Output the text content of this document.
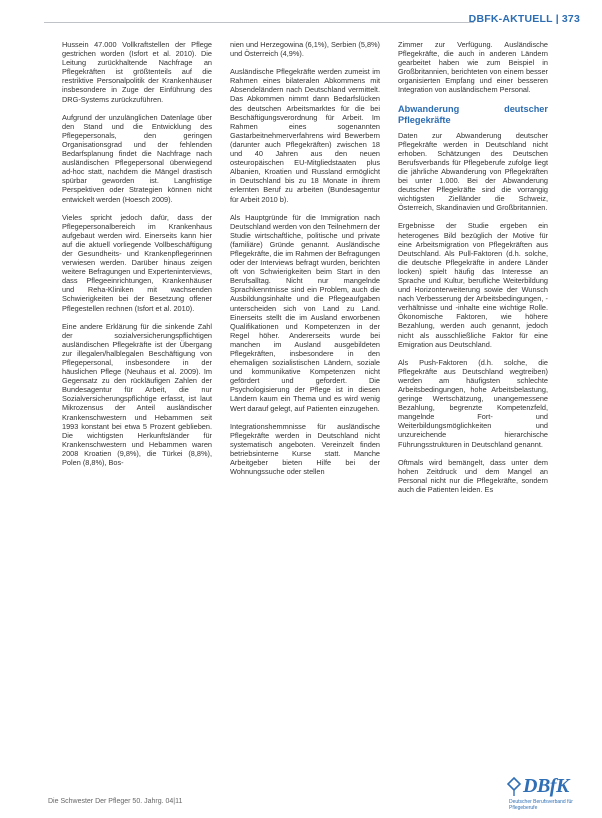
DBFK-AKTUELL | 373

Hussein 47.000 Vollkraftstellen der Pflege gestrichen worden (Isfort et al. 2010). Die Leitung zurückhaltende Nachfrage an Pflegekräften ist größtenteils auf die restriktive Personalpolitik der Krankenhäuser insbesondere in Zuge der Einführung des DRG-Systems zurückzuführen.

Aufgrund der unzulänglichen Datenlage über den Stand und die Entwicklung des Pflegepersonals, den geringen Organisationsgrad und der fehlenden Bedarfsplanung findet die Nachfrage nach ausländischen Pflegepersonal überwiegend ad-hoc statt, nachdem die Mängel drastisch spürbar geworden ist. Langfristige Perspektiven oder Strategien können nicht entwickelt werden (Hoesch 2009).

Vieles spricht jedoch dafür, dass der Pflegepersonalbereich im Krankenhaus aufgebaut werden wird. Einerseits kann hier auf die aktuell vorliegende Vollbeschäftigung der Gesundheits- und Krankenpflegerinnen verwiesen werden. Darüber hinaus zeigen weitere Befragungen und Experteninterviews, dass Pflegeeinrichtungen, Krankenhäuser und Reha-Kliniken mit wachsenden Schwierigkeiten bei der Besetzung offener Pflegestellen rechnen (Isfort et al. 2010).

Eine andere Erklärung für die sinkende Zahl der sozialversicherungspflichtigen ausländischen Pflegekräfte ist der Übergang zur illegalen/halblegalen Beschäftigung von Pflegepersonal, insbesondere in der häuslichen Pflege (Neuhaus et al. 2009). Im Gegensatz zu den rückläufigen Zahlen der Bundesagentur für Arbeit, die nur Sozialversicherungspflichtige erfasst, ist laut Mikrozensus der Anteil ausländischer Krankenschwestern und Hebammen seit 1993 konstant bei etwa 5 Prozent geblieben. Die wichtigsten Herkunftsländer für Krankenschwestern und Hebammen waren 2008 Kroatien (9,8%), die Türkei (8,8%), Polen (8,8%), Bos-

nien und Herzegowina (6,1%), Serbien (5,8%) und Österreich (4,9%).

Ausländische Pflegekräfte werden zumeist im Rahmen eines bilateralen Abkommens mit Absendeländern nach Deutschland vermittelt. Das Abkommen nimmt dann Bedarfslücken des deutschen Arbeitsmarktes für die bei Beschäftigungsverordnung für Arbeit. Im Rahmen eines sogenannten Gastarbeitnehmerverfahrens wird Bewerbern (darunter auch Pflegekräften) zwischen 18 und 40 Jahren aus den neuen osteuropäischen EU-Mitgliedstaaten plus Albanien, Kroatien und Russland ermöglicht in Deutschland bis zu 18 Monate in ihrem erlernten Beruf zu arbeiten (Bundesagentur für Arbeit 2010 b).

Als Hauptgründe für die Immigration nach Deutschland werden von den Teilnehmern der Studie wirtschaftliche, politische und private (familiäre) Gründe genannt. Ausländische Pflegekräfte, die im Rahmen der Befragungen oder der Interviews befragt wurden, berichten oft von Schwierigkeiten beim Start in den Berufsalltag. Nicht nur mangelnde Sprachkenntnisse sind ein Problem, auch die Ausbildungsinhalte und die Pflegeaufgaben unterscheiden sich von Land zu Land. Einerseits stellt die im Ausland erworbenen Qualifikationen und Kompetenzen in der Regel höher. Andererseits wurde bei manchen im Ausland ausgebildeten Pflegekräften, insbesondere in den ehemaligen sozialistischen Ländern, soziale und kommunikative Kompetenzen nicht gefördert und gefordert. Die Psychologisierung der Pflege ist in diesen Ländern kaum ein Thema und es wird wenig Wert darauf gelegt, auf Patienten einzugehen.

Integrationshemmnisse für ausländische Pflegekräfte werden in Deutschland nicht systematisch angeboten. Vereinzelt finden betriebsinterne Kurse statt. Manche Arbeitgeber bieten Hilfe bei der Wohnungssuche oder stellen

Zimmer zur Verfügung. Ausländische Pflegekräfte, die auch in anderen Ländern gearbeitet haben wie zum Beispiel in Großbritannien, berichteten von einem besser organisierten Empfang und einer besseren Integration von ausländischem Personal.

Abwanderung deutscher Pflegekräfte

Daten zur Abwanderung deutscher Pflegekräfte werden in Deutschland nicht erhoben. Schätzungen des Deutschen Berufsverbands für Pflegeberufe zufolge liegt die jährliche Abwanderung von Pflegekräften bei unter 1.000. Bei der Abwanderung deutscher Pflegekräfte sind die vorrangig wichtigsten Zielländer die Schweiz, Österreich, Skandinavien und Großbritannien.

Ergebnisse der Studie ergeben ein heterogenes Bild bezüglich der Motive für eine Arbeitsmigration von Pflegekräften aus Deutschland. Als Pull-Faktoren (d.h. solche, die deutsche Pflegekräfte in andere Länder locken) spielt häufig das Interesse an Sprache und Kultur, berufliche Weiterbildung und Horizonterweiterung sowie der Wunsch nach Verbesserung der Arbeitsbedingungen, -verhältnisse und -inhalte eine wichtige Rolle. Ökonomische Faktoren, wie höhere Bezahlung, werden auch genannt, jedoch nicht als ausschließliche Faktor für eine Emigration aus Deutschland.

Als Push-Faktoren (d.h. solche, die Pflegekräfte aus Deutschland wegtreiben) werden am häufigsten schlechte Arbeitsbedingungen, hohe Arbeitsbelastung, geringe Wertschätzung, unangemessene Bezahlung, begrenzte Kompetenzfeld, mangelnde Fort- und Weiterbildungsmöglichkeiten und unzureichende hierarchische Führungsstrukturen in Deutschland genannt.

Oftmals wird bemängelt, dass unter dem hohen Zeitdruck und dem Mangel an Personal nicht nur die Pflegekräfte, sondern auch die Patienten leiden. Es

Die Schwester Der Pfleger 50. Jahrg. 04|11
DBfK
Deutscher Berufsverband für Pflegeberufe
